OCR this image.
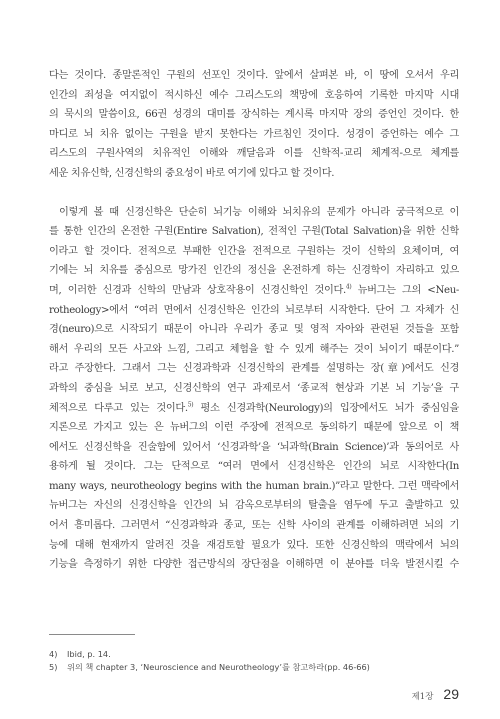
다는 것이다. 종말론적인 구원의 선포인 것이다. 앞에서 살펴본 바, 이 땅에 오셔서 우리

인간의 죄성을 여지없이 적시하신 예수 그리스도의 책망에 호응하여 기록한 마지막 시대

의 묵시의 말씀이요, 66권 성경의 대미를 장식하는 계시록 마지막 장의 증언인 것이다. 한

마디로 뇌 치유 없이는 구원을 받지 못한다는 가르침인 것이다. 성경이 증언하는 예수 그

리스도의 구원사역의 치유적인 이해와 깨달음과 이를 신학적-교리 체계적-으로 체계를

세운 치유신학, 신경신학의 중요성이 바로 여기에 있다고 할 것이다.

이렇게 볼 때 신경신학은 단순히 뇌기능 이해와 뇌치유의 문제가 아니라 궁극적으로 이

를 통한 인간의 온전한 구원(Entire Salvation), 전적인 구원(Total Salvation)을 위한 신학

이라고 할 것이다. 전적으로 부패한 인간을 전적으로 구원하는 것이 신학의 요체이며, 여

기에는 뇌 치유를 중심으로 망가진 인간의 정신을 온전하게 하는 신경학이 자리하고 있으

며, 이러한 신경과 신학의 만남과 상호작용이 신경신학인 것이다.$^{4)}$ 뉴버그는 그의 <Neu-

rotheology>에서 “여러 면에서 신경신학은 인간의 뇌로부터 시작한다. 단어 그 자체가 신

경(neuro)으로 시작되기 때문이 아니라 우리가 종교 및 영적 자아와 관련된 것들을 포함

해서 우리의 모든 사고와 느낌, 그리고 체험을 할 수 있게 해주는 것이 뇌이기 때문이다.”

라고 주장한다. 그래서 그는 신경과학과 신경신학의 관계를 설명하는 장(章)에서도 신경

과학의 중심을 뇌로 보고, 신경신학의 연구 과제로서 ‘종교적 현상과 기본 뇌 기능’을 구

체적으로 다루고 있는 것이다.$^{5)}$ 평소 신경과학(Neurology)의 입장에서도 뇌가 중심임을

지론으로 가지고 있는 은 뉴버그의 이런 주장에 전적으로 동의하기 때문에 앞으로 이 책

에서도 신경신학을 진술함에 있어서 ‘신경과학’을 ‘뇌과학(Brain Science)’과 동의어로 사

용하게 될 것이다. 그는 단적으로 “여러 면에서 신경신학은 인간의 뇌로 시작한다(In

many ways, neurotheology begins with the human brain.)”라고 말한다. 그런 맥락에서

뉴버그는 자신의 신경신학을 인간의 뇌 감옥으로부터의 탈출을 염두에 두고 출발하고 있

어서 흥미롭다. 그러면서 “신경과학과 종교, 또는 신학 사이의 관계를 이해하려면 뇌의 기

능에 대해 현재까지 알려진 것을 재검토할 필요가 있다. 또한 신경신학의 맥락에서 뇌의

기능을 측정하기 위한 다양한 접근방식의 장단점을 이해하면 이 분야를 더욱 발전시킬 수

4)	Ibid, p. 14.
5)	위의 책 chapter 3, ‘Neuroscience and Neurotheology’를 참고하라(pp. 46-66)
제1장 29
